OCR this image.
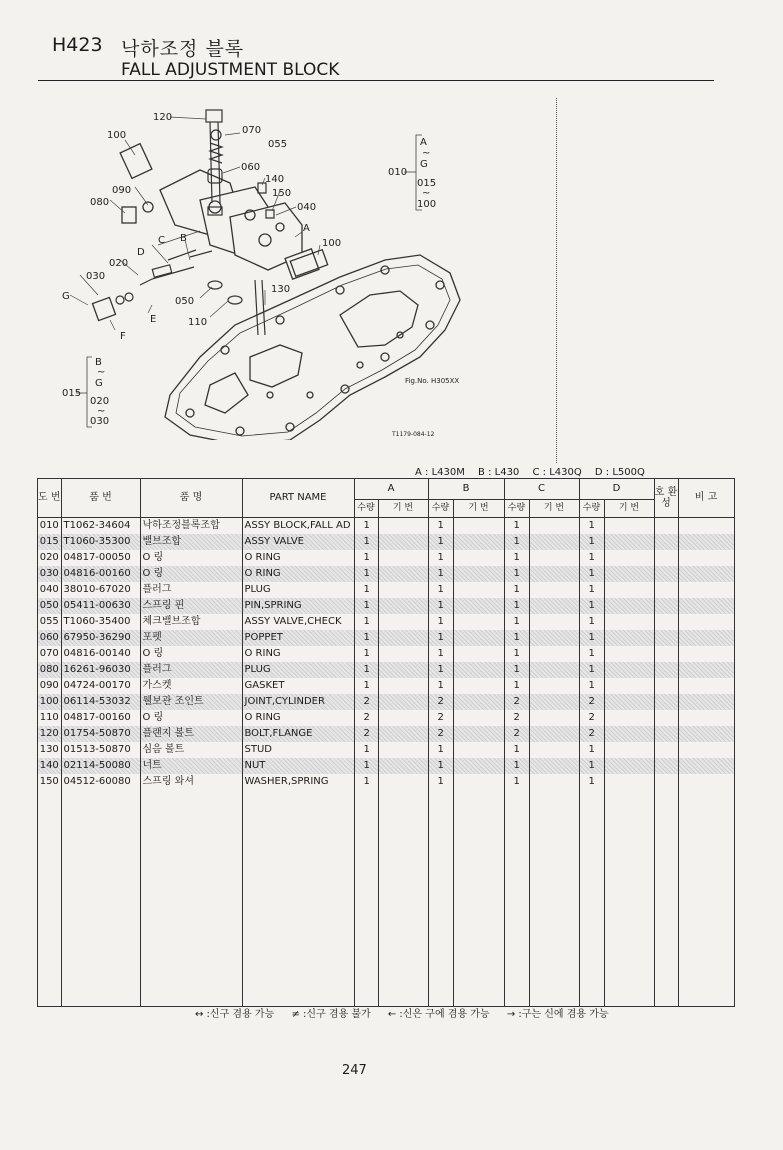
H423 낙하조정 블록
FALL ADJUSTMENT BLOCK
120
070
055
100
060
140
150
090
080	040
A
C B
D
100
020
030
G
130
E
050
110
F
A
~
G
010
015
~
100
B
~
G
015
020
~
030
Fig.No. H305XX
T1179-084-12
A : L430M B : L430 C : L430Q D : L500Q
도 번	품 번	품 명	PART NAME	A		B		C		D		호 환 성	비 고
				수량	기 번	수량	기 번	수량	기 번	수량	기 번		
010	T1062-34604	낙하조정블록조합	ASSY BLOCK,FALL AD	1		1		1		1			
015	T1060-35300	밸브조합	ASSY VALVE	1		1		1		1			
020	04817-00050	O 링	O RING	1		1		1		1			
030	04816-00160	O 링	O RING	1		1		1		1			
040	38010-67020	플러그	PLUG	1		1		1		1			
050	05411-00630	스프링 핀	PIN,SPRING	1		1		1		1			
055	T1060-35400	체크밸브조합	ASSY VALVE,CHECK	1		1		1		1			
060	67950-36290	포펫	POPPET	1		1		1		1			
070	04816-00140	O 링	O RING	1		1		1		1			
080	16261-96030	플러그	PLUG	1		1		1		1			
090	04724-00170	가스켓	GASKET	1		1		1		1			
100	06114-53032	웰보관 조인트	JOINT,CYLINDER	2		2		2		2			
110	04817-00160	O 링	O RING	2		2		2		2			
120	01754-50870	플랜지 볼트	BOLT,FLANGE	2		2		2		2			
130	01513-50870	심음 볼트	STUD	1		1		1		1			
140	02114-50080	너트	NUT	1		1		1		1			
150	04512-60080	스프링 와셔	WASHER,SPRING	1		1		1		1			

↔ :신구 겸용 가능 ≠ :신구 겸용 불가 ← :신은 구에 겸용 가능 → :구는 신에 겸용 가능
247
